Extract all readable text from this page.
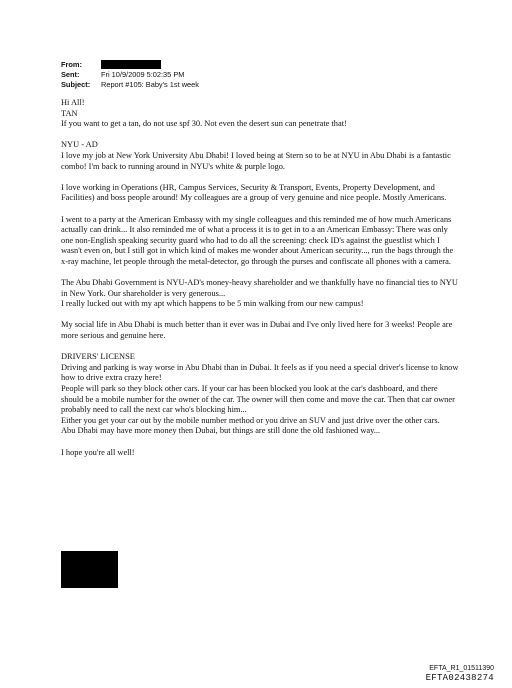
From:
Sent:	Fri 10/9/2009 5:02:35 PM
Subject:	Report #105: Baby's 1st week

Hi All!

TAN

If you want to get a tan, do not use spf 30. Not even the desert sun can penetrate that!

NYU - AD

I love my job at New York University Abu Dhabi! I loved being at Stern so to be at NYU in Abu Dhabi is a fantastic combo! I'm back to running around in NYU's white & purple logo.

I love working in Operations (HR, Campus Services, Security & Transport, Events, Property Development, and Facilities) and boss people around! My colleagues are a group of very genuine and nice people. Mostly Americans.

I went to a party at the American Embassy with my single colleagues and this reminded me of how much Americans actually can drink... It also reminded me of what a process it is to get in to a an American Embassy: There was only one non-English speaking security guard who had to do all the screening: check ID's against the guestlist which I wasn't even on, but I still got in which kind of makes me wonder about American security..., run the bags through the x-ray machine, let people through the metal-detector, go through the purses and confiscate all phones with a camera.

The Abu Dhabi Government is NYU-AD's money-heavy shareholder and we thankfully have no financial ties to NYU in New York. Our shareholder is very generous...

I really lucked out with my apt which happens to be 5 min walking from our new campus!

My social life in Abu Dhabi is much better than it ever was in Dubai and I've only lived here for 3 weeks! People are more serious and genuine here.

DRIVERS' LICENSE

Driving and parking is way worse in Abu Dhabi than in Dubai. It feels as if you need a special driver's license to know how to drive extra crazy here!

People will park so they block other cars. If your car has been blocked you look at the car's dashboard, and there should be a mobile number for the owner of the car. The owner will then come and move the car. Then that car owner probably need to call the next car who's blocking him...

Either you get your car out by the mobile number method or you drive an SUV and just drive over the other cars.

Abu Dhabi may have more money then Dubai, but things are still done the old fashioned way...

I hope you're all well!

EFTA_R1_01511390
EFTA02438274
